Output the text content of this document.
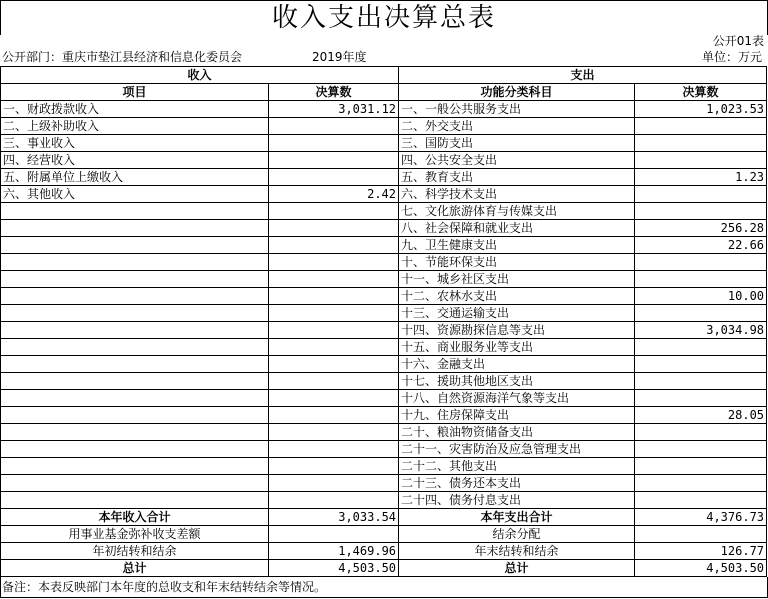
收入支出决算总表
公开01表
公开部门：重庆市垫江县经济和信息化委员会	2019年度	单位：万元
收入		支出	
项目	决算数	功能分类科目	决算数
一、财政拨款收入	3,031.12	一、一般公共服务支出	1,023.53
二、上级补助收入		二、外交支出	
三、事业收入		三、国防支出	
四、经营收入		四、公共安全支出	
五、附属单位上缴收入		五、教育支出	1.23
六、其他收入	2.42	六、科学技术支出	
		七、文化旅游体育与传媒支出	
		八、社会保障和就业支出	256.28
		九、卫生健康支出	22.66
		十、节能环保支出	
		十一、城乡社区支出	
		十二、农林水支出	10.00
		十三、交通运输支出	
		十四、资源勘探信息等支出	3,034.98
		十五、商业服务业等支出	
		十六、金融支出	
		十七、援助其他地区支出	
		十八、自然资源海洋气象等支出	
		十九、住房保障支出	28.05
		二十、粮油物资储备支出	
		二十一、灾害防治及应急管理支出	
		二十二、其他支出	
		二十三、债务还本支出	
		二十四、债务付息支出	
本年收入合计	3,033.54	本年支出合计	4,376.73
用事业基金弥补收支差额		结余分配	
年初结转和结余	1,469.96	年末结转和结余	126.77
总计	4,503.50	总计	4,503.50
备注：本表反映部门本年度的总收支和年末结转结余等情况。
